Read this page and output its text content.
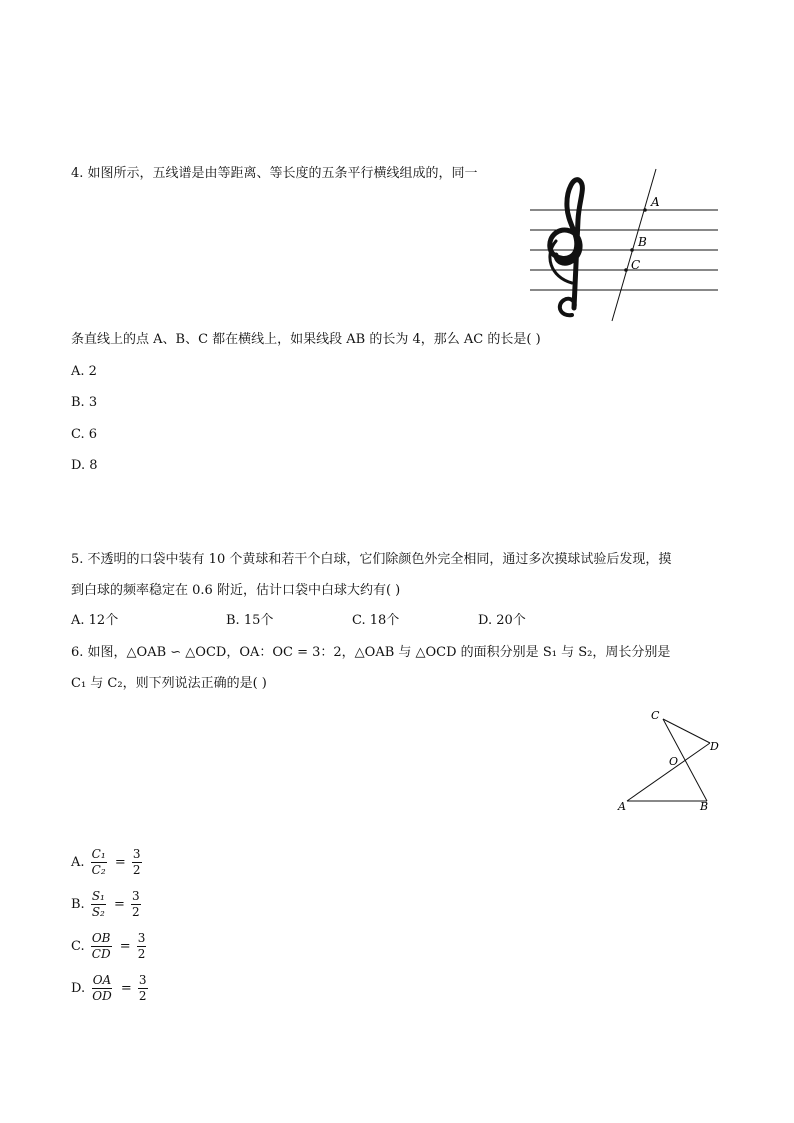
4. 如图所示，五线谱是由等距离、等长度的五条平行横线组成的，同一
A
B
C
条直线上的点 A、B、C 都在横线上，如果线段 AB 的长为 4，那么 AC 的长是( )
A. 2
B. 3
C. 6
D. 8
5. 不透明的口袋中装有 10 个黄球和若干个白球，它们除颜色外完全相同，通过多次摸球试验后发现，摸
到白球的频率稳定在 0.6 附近，估计口袋中白球大约有( )
A. 12个	B. 15个	C. 18个	D. 20个
6. 如图，△OAB ∽ △OCD，OA：OC = 3：2，△OAB 与 △OCD 的面积分别是 S₁ 与 S₂，周长分别是
C₁ 与 C₂，则下列说法正确的是( )
C
D
O
A	B
A. $\frac{\text{C₁}}{\text{C₂}} = \frac{3}{2}$
B. $\frac{\text{S₁}}{\text{S₂}} = \frac{3}{2}$
C. $\frac{OB}{CD} = \frac{3}{2}$
D. $\frac{OA}{OD} = \frac{3}{2}$
